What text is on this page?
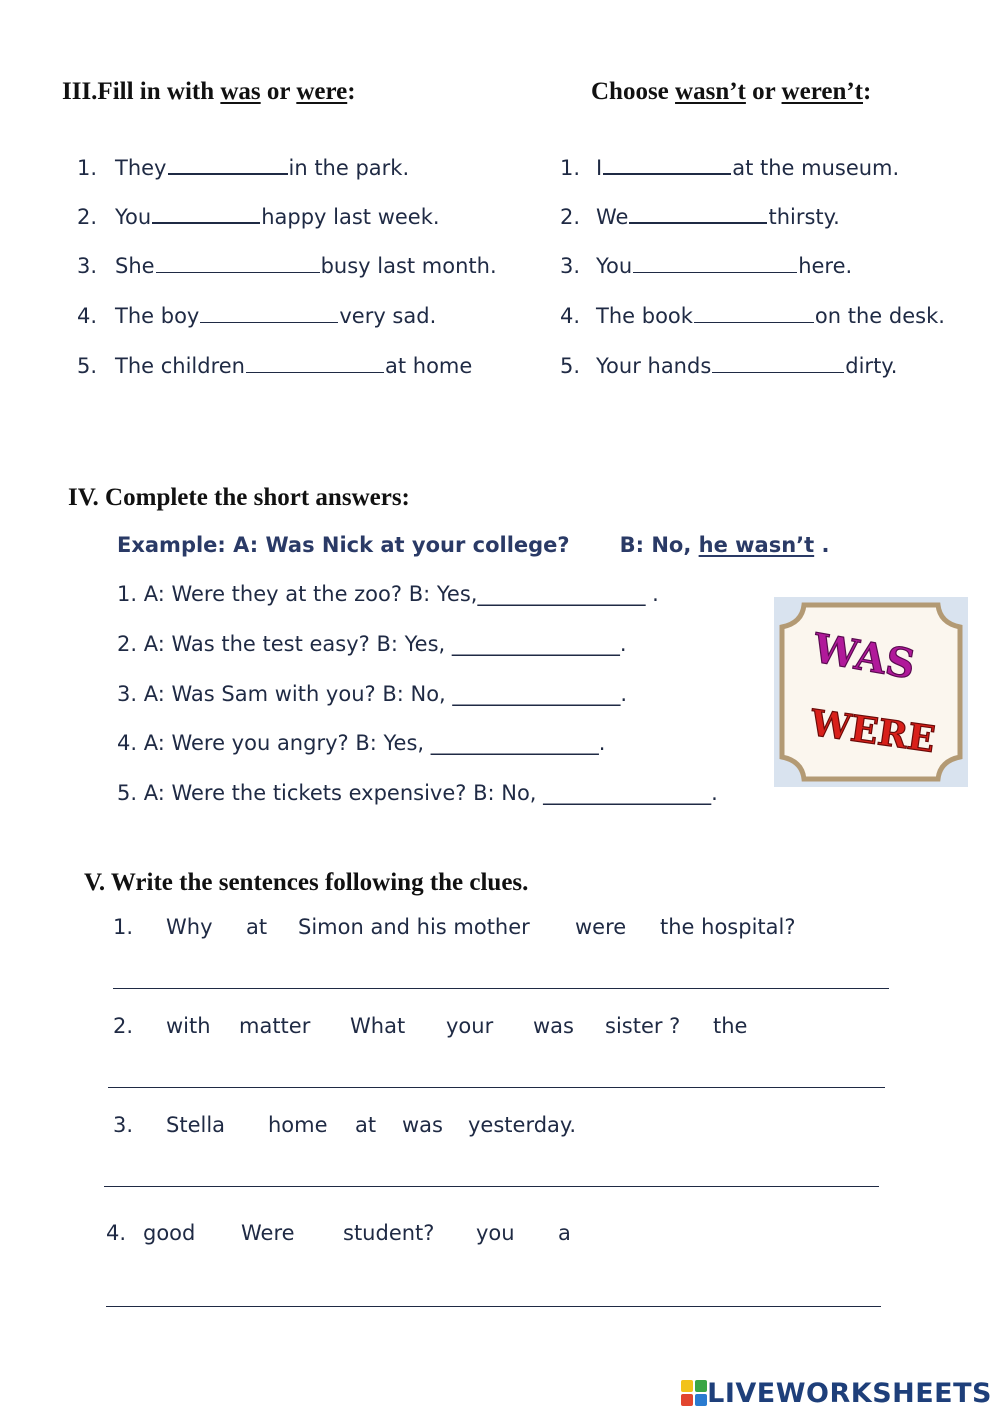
III.Fill in with was or were:	Choose wasn’t or weren’t:
1. They	in the park.
2. You	happy last week.
3. She	busy last month.
4. The boy	very sad.
5. The children	at home
1. I	at the museum.
2. We	thirsty.
3. You	here.
4. The book	on the desk.
5. Your hands	dirty.
IV. Complete the short answers:
Example: A: Was Nick at your college? B: No, he wasn’t .
1. A: Were they at the zoo? B: Yes,________________ .
2. A: Was the test easy? B: Yes, ________________.
3. A: Was Sam with you? B: No, ________________.
4. A: Were you angry? B: Yes, ________________.
5. A: Were the tickets expensive? B: No, ________________.
WAS
WERE
V. Write the sentences following the clues.
1. Why at Simon and his mother were the hospital?
2. with matter What your was sister ? the
3. Stella home at was yesterday.
4. good Were student? you a
LIVEWORKSHEETS
